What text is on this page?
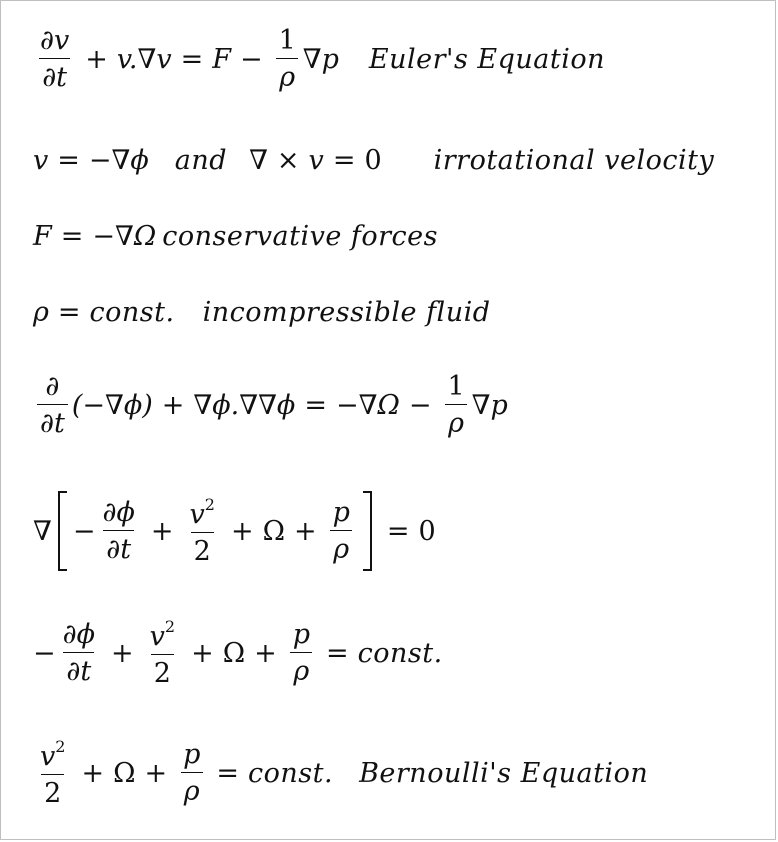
$\frac{\partial v}{\partial t} + v.\nabla v = F - \frac{1}{\rho} \nabla p$ Euler's Equation
v = −∇ϕ and ∇ × v = 0 irrotational velocity
F = −∇Ω conservative forces
ρ = const. incompressible fluid
$\frac{\partial}{\partial t} (-\nabla\phi) + \nabla\phi.\nabla\nabla\phi = -\nabla\Omega - \frac{1}{\rho} \nabla p$
∇ − $\frac{\partial\phi}{\partial t} + \frac{v^2}{2} + \Omega + \frac{p}{\rho} = 0$
− $\frac{\partial\phi}{\partial t} + \frac{v^2}{2} + \Omega + \frac{p}{\rho}$ = const.
$\frac{v^2}{2} + \Omega + \frac{p}{\rho}$ = const. Bernoulli's Equation
